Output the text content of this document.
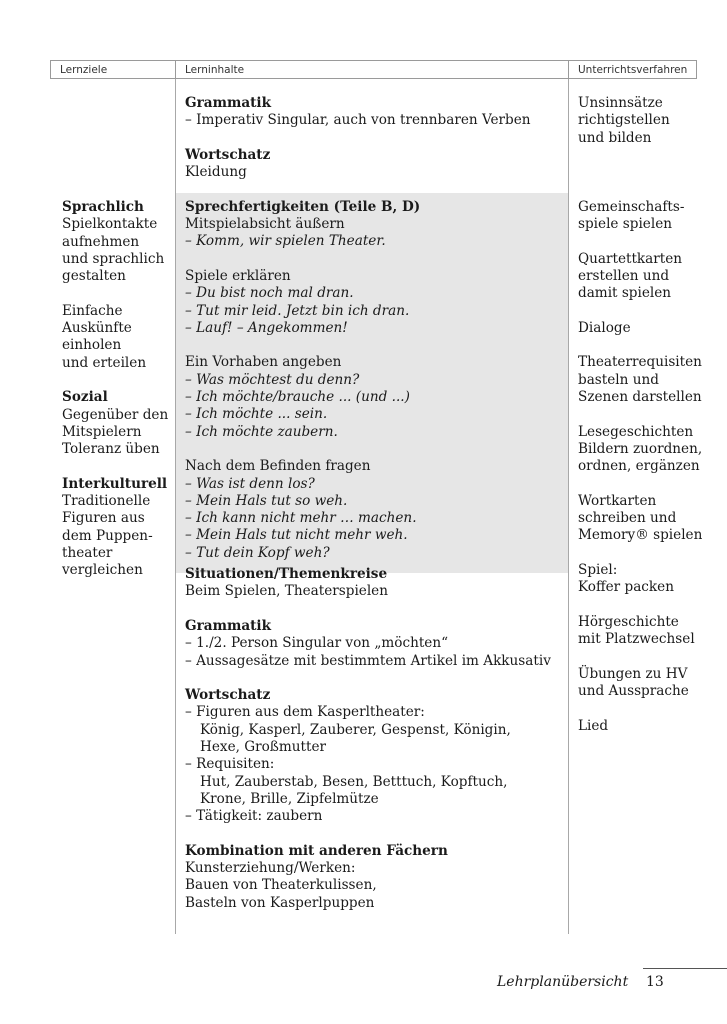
Lernziele	Lerninhalte	Unterrichtsverfahren
Sprachlich
Spielkontakte
aufnehmen
und sprachlich
gestalten
Einfache
Auskünfte
einholen
und erteilen
Sozial
Gegenüber den
Mitspielern
Toleranz üben
Interkulturell
Traditionelle
Figuren aus
dem Puppen-
theater
vergleichen
Grammatik
– Imperativ Singular, auch von trennbaren Verben
Wortschatz
Kleidung
Sprechfertigkeiten (Teile B, D)
Mitspielabsicht äußern
– Komm, wir spielen Theater.
Spiele erklären
– Du bist noch mal dran.
– Tut mir leid. Jetzt bin ich dran.
– Lauf! – Angekommen!
Ein Vorhaben angeben
– Was möchtest du denn?
– Ich möchte/brauche ... (und ...)
– Ich möchte ... sein.
– Ich möchte zaubern.
Nach dem Befinden fragen
– Was ist denn los?
– Mein Hals tut so weh.
– Ich kann nicht mehr … machen.
– Mein Hals tut nicht mehr weh.
– Tut dein Kopf weh?
Situationen/Themenkreise
Beim Spielen, Theaterspielen
Grammatik
– 1./2. Person Singular von „möchten“
– Aussagesätze mit bestimmtem Artikel im Akkusativ
Wortschatz
– Figuren aus dem Kasperltheater:
König, Kasperl, Zauberer, Gespenst, Königin,
Hexe, Großmutter
– Requisiten:
Hut, Zauberstab, Besen, Betttuch, Kopftuch,
Krone, Brille, Zipfelmütze
– Tätigkeit: zaubern
Kombination mit anderen Fächern
Kunsterziehung/Werken:
Bauen von Theaterkulissen,
Basteln von Kasperlpuppen
Unsinnsätze
richtigstellen
und bilden
Gemeinschafts-
spiele spielen
Quartettkarten
erstellen und
damit spielen
Dialoge
Theaterrequisiten
basteln und
Szenen darstellen
Lesegeschichten
Bildern zuordnen,
ordnen, ergänzen
Wortkarten
schreiben und
Memory® spielen
Spiel:
Koffer packen
Hörgeschichte
mit Platzwechsel
Übungen zu HV
und Aussprache
Lied
Lehrplanübersicht 13
